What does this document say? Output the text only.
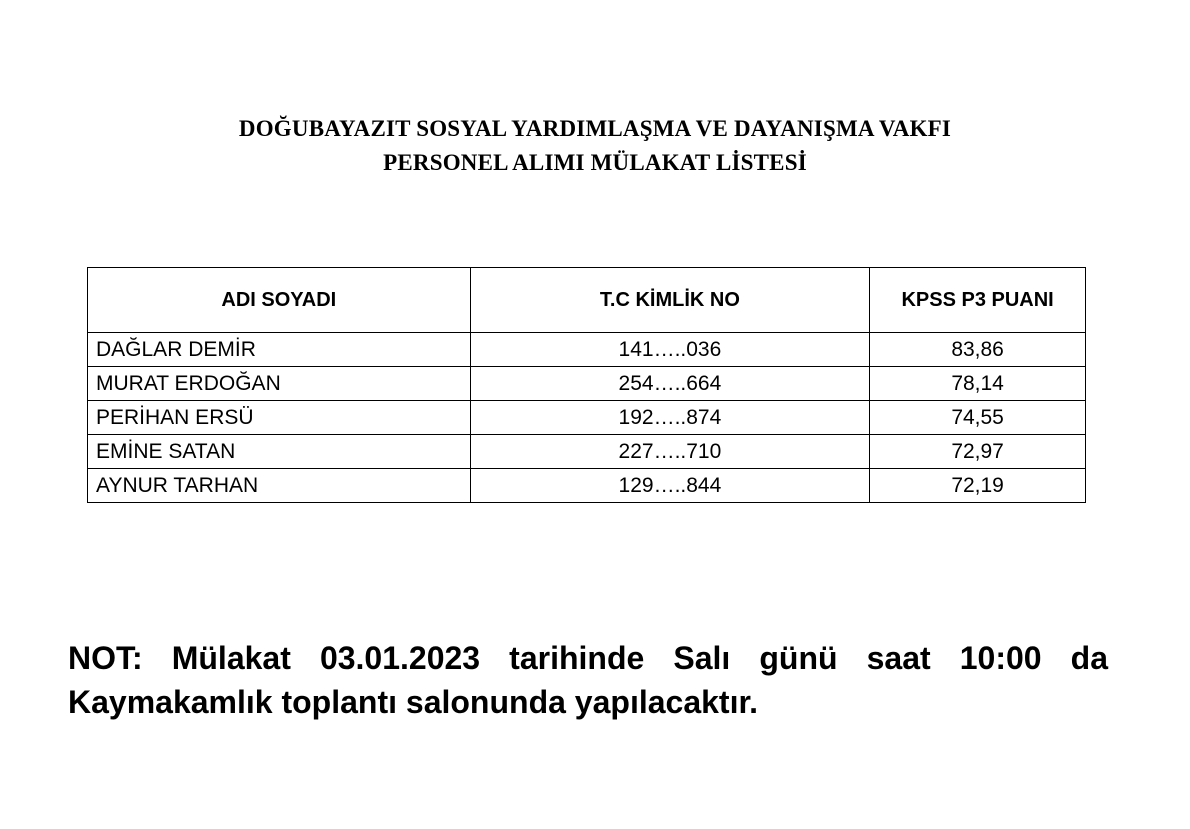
DOĞUBAYAZIT SOSYAL YARDIMLAŞMA VE DAYANIŞMA VAKFI
PERSONEL ALIMI MÜLAKAT LİSTESİ
ADI SOYADI	T.C KİMLİK NO	KPSS P3 PUANI
DAĞLAR DEMİR	141…..036	83,86
MURAT ERDOĞAN	254…..664	78,14
PERİHAN ERSÜ	192…..874	74,55
EMİNE SATAN	227…..710	72,97
AYNUR TARHAN	129…..844	72,19
NOT: Mülakat 03.01.2023 tarihinde Salı günü saat 10:00 da Kaymakamlık toplantı salonunda yapılacaktır.
